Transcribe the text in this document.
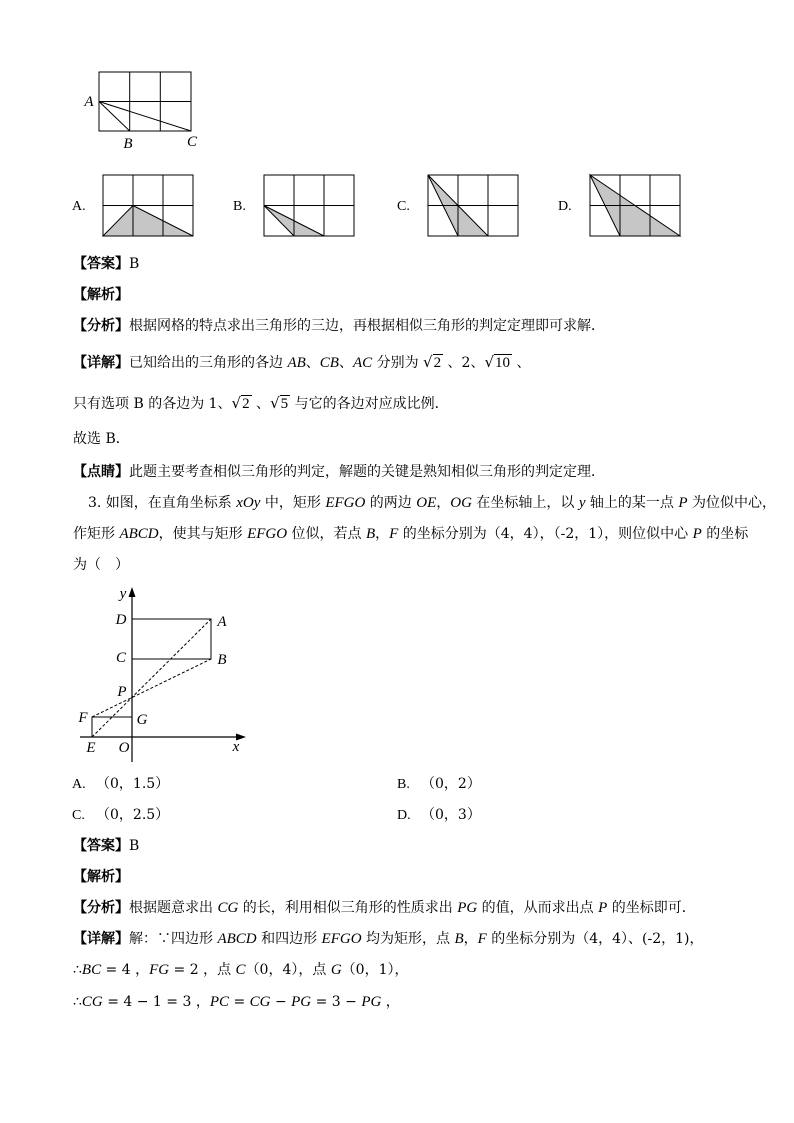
A
B	C
A.	B.	C.	D.
【答案】B
【解析】
【分析】根据网格的特点求出三角形的三边，再根据相似三角形的判定定理即可求解．
【详解】已知给出的三角形的各边 AB、CB、AC 分别为 √ 2 、2、 √ 10 、
只有选项 B 的各边为 1、 √ 2 、 √ 5 与它的各边对应成比例．
故选 B．
【点睛】此题主要考查相似三角形的判定，解题的关键是熟知相似三角形的判定定理．
3. 如图，在直角坐标系 xOy 中，矩形 EFGO 的两边 OE，OG 在坐标轴上，以 y 轴上的某一点 P 为位似中心，
作矩形 ABCD，使其与矩形 EFGO 位似，若点 B，F 的坐标分别为（4，4），（-2，1），则位似中心 P 的坐标
为（　）
y
x
D	A
C	B
P
F	G
E O
A. （0，1.5）	B. （0，2）
C. （0，2.5）	D. （0，3）
【答案】B
【解析】
【分析】根据题意求出 CG 的长，利用相似三角形的性质求出 PG 的值，从而求出点 P 的坐标即可．
【详解】解：∵四边形 ABCD 和四边形 EFGO 均为矩形，点 B，F 的坐标分别为（4，4）、(-2，1)，
∴BC = 4 ，FG = 2 ，点 C（0，4），点 G（0，1），
∴CG = 4 − 1 = 3 ，PC = CG − PG = 3 − PG ，
